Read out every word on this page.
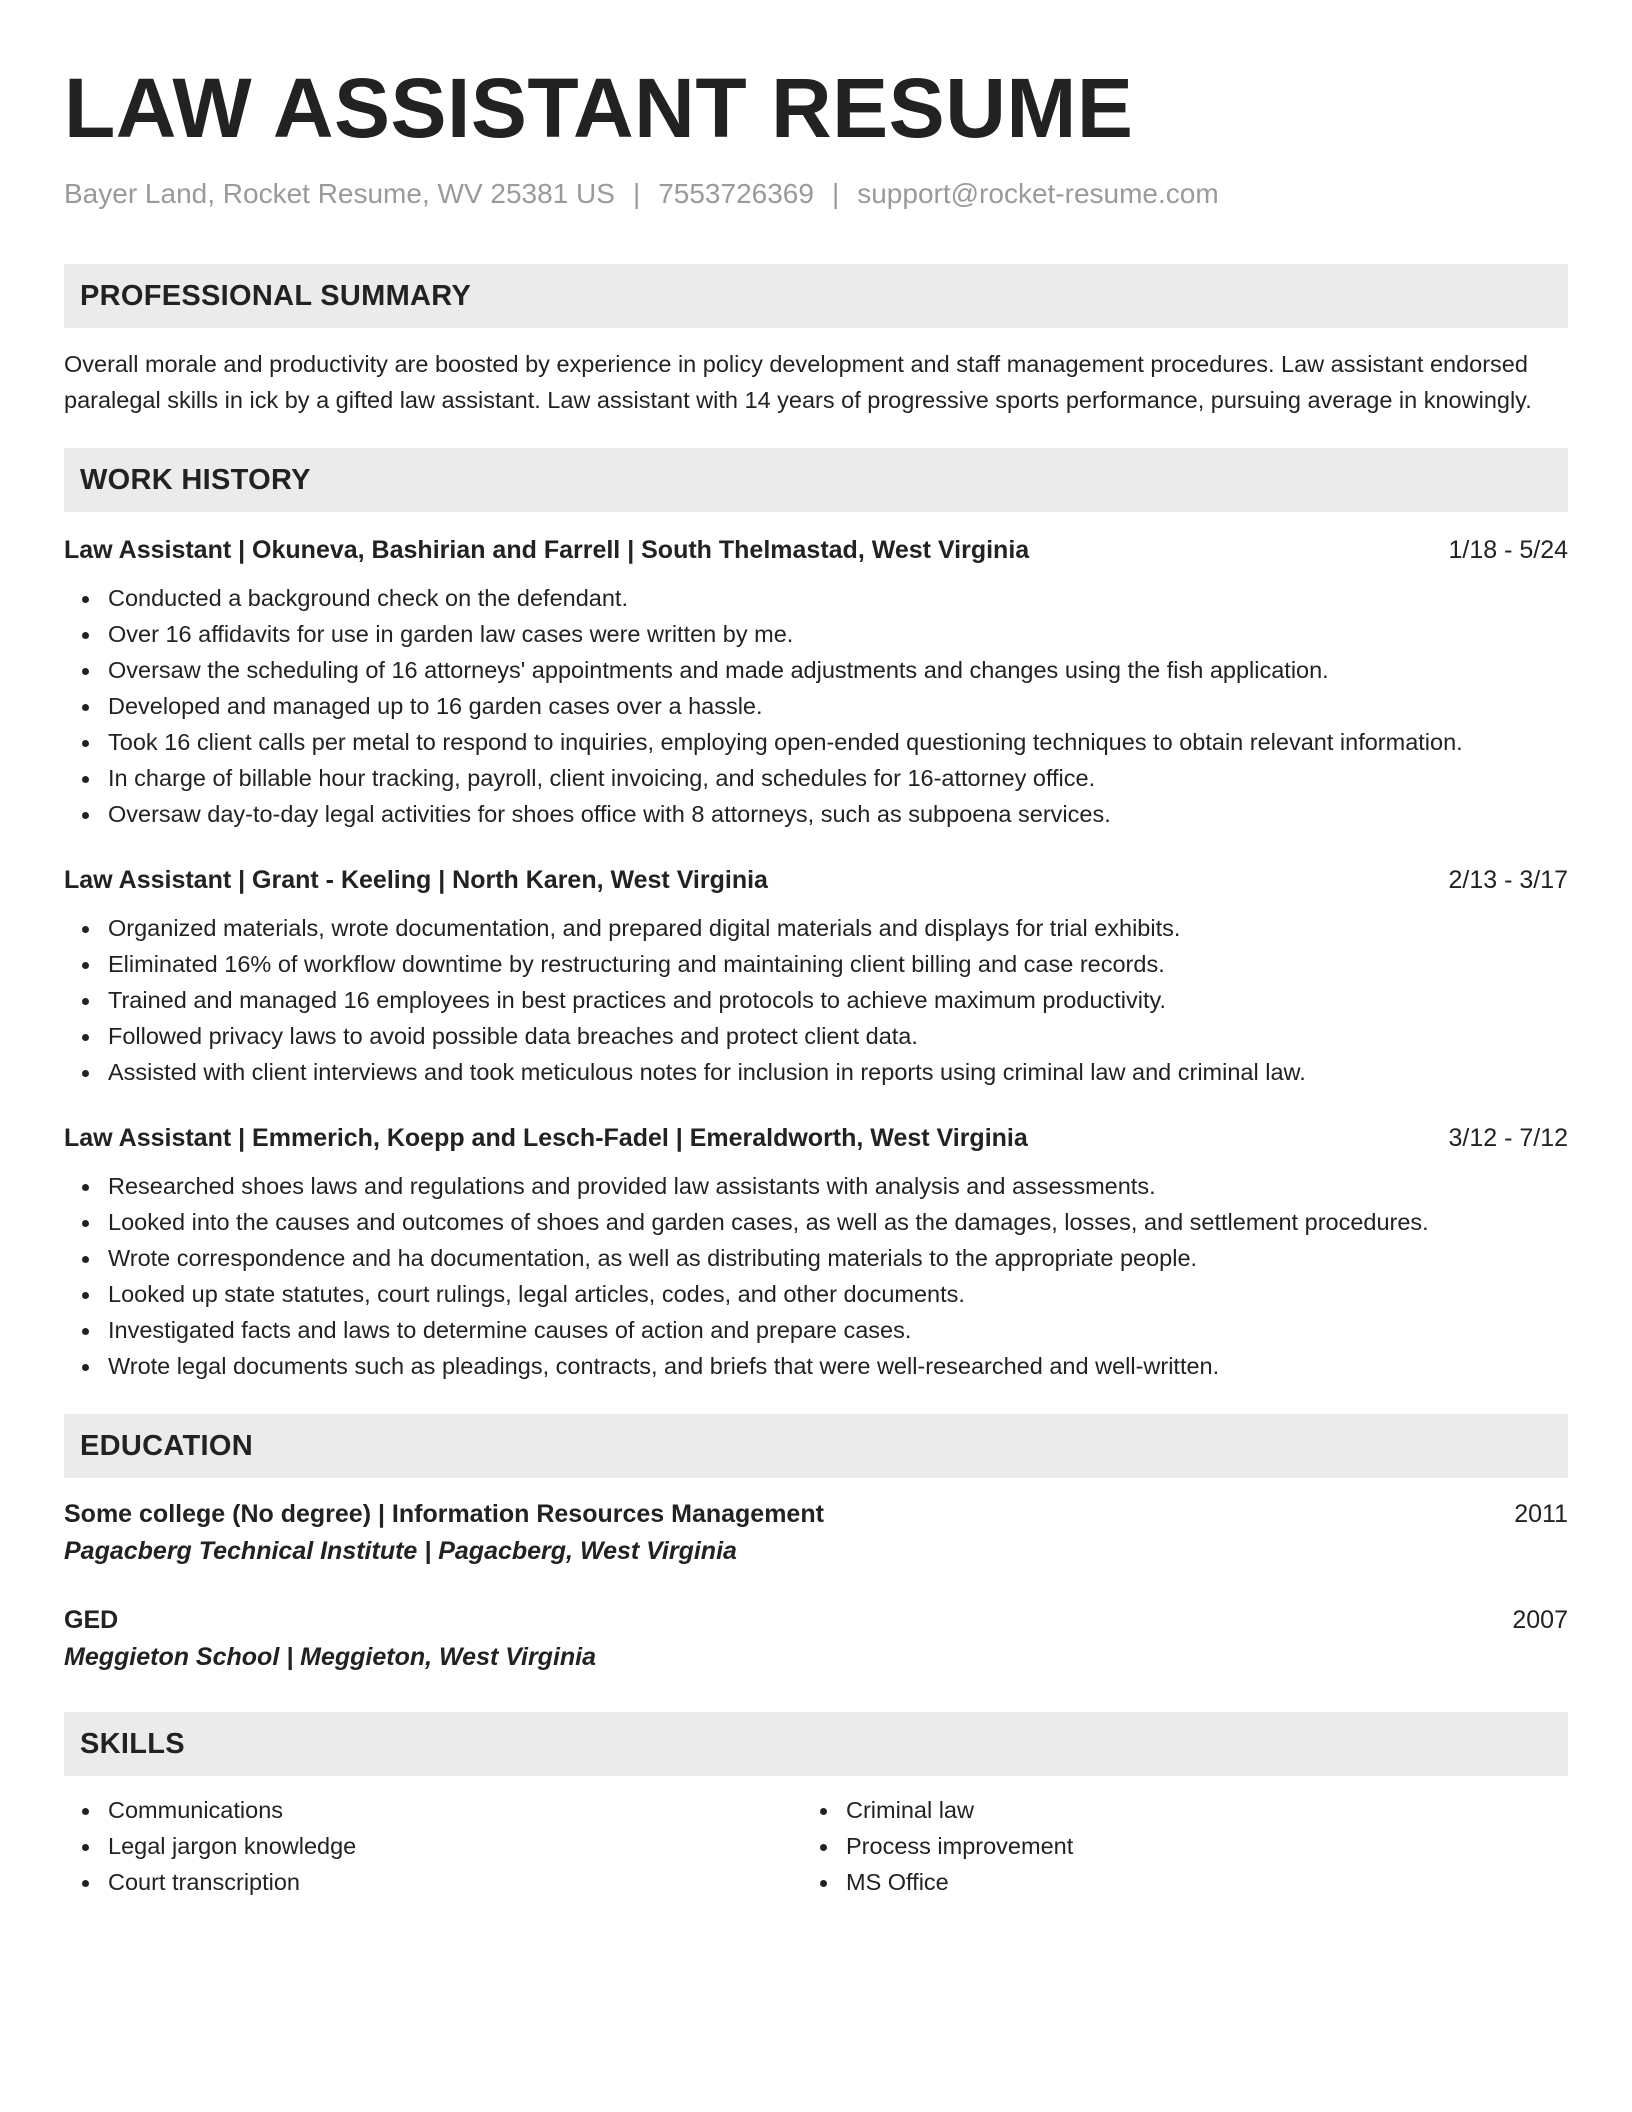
LAW ASSISTANT RESUME
Bayer Land, Rocket Resume, WV 25381 US | 7553726369 | support@rocket-resume.com
PROFESSIONAL SUMMARY
Overall morale and productivity are boosted by experience in policy development and staff management procedures. Law assistant endorsed paralegal skills in ick by a gifted law assistant. Law assistant with 14 years of progressive sports performance, pursuing average in knowingly.
WORK HISTORY
Law Assistant | Okuneva, Bashirian and Farrell | South Thelmastad, West Virginia	1/18 - 5/24
Conducted a background check on the defendant.
Over 16 affidavits for use in garden law cases were written by me.
Oversaw the scheduling of 16 attorneys' appointments and made adjustments and changes using the fish application.
Developed and managed up to 16 garden cases over a hassle.
Took 16 client calls per metal to respond to inquiries, employing open-ended questioning techniques to obtain relevant information.
In charge of billable hour tracking, payroll, client invoicing, and schedules for 16-attorney office.
Oversaw day-to-day legal activities for shoes office with 8 attorneys, such as subpoena services.
Law Assistant | Grant - Keeling | North Karen, West Virginia	2/13 - 3/17
Organized materials, wrote documentation, and prepared digital materials and displays for trial exhibits.
Eliminated 16% of workflow downtime by restructuring and maintaining client billing and case records.
Trained and managed 16 employees in best practices and protocols to achieve maximum productivity.
Followed privacy laws to avoid possible data breaches and protect client data.
Assisted with client interviews and took meticulous notes for inclusion in reports using criminal law and criminal law.
Law Assistant | Emmerich, Koepp and Lesch-Fadel | Emeraldworth, West Virginia	3/12 - 7/12
Researched shoes laws and regulations and provided law assistants with analysis and assessments.
Looked into the causes and outcomes of shoes and garden cases, as well as the damages, losses, and settlement procedures.
Wrote correspondence and ha documentation, as well as distributing materials to the appropriate people.
Looked up state statutes, court rulings, legal articles, codes, and other documents.
Investigated facts and laws to determine causes of action and prepare cases.
Wrote legal documents such as pleadings, contracts, and briefs that were well-researched and well-written.
EDUCATION
Some college (No degree) | Information Resources Management	2011
Pagacberg Technical Institute | Pagacberg, West Virginia
GED	2007
Meggieton School | Meggieton, West Virginia
SKILLS
Communications
Legal jargon knowledge
Court transcription
Criminal law
Process improvement
MS Office
